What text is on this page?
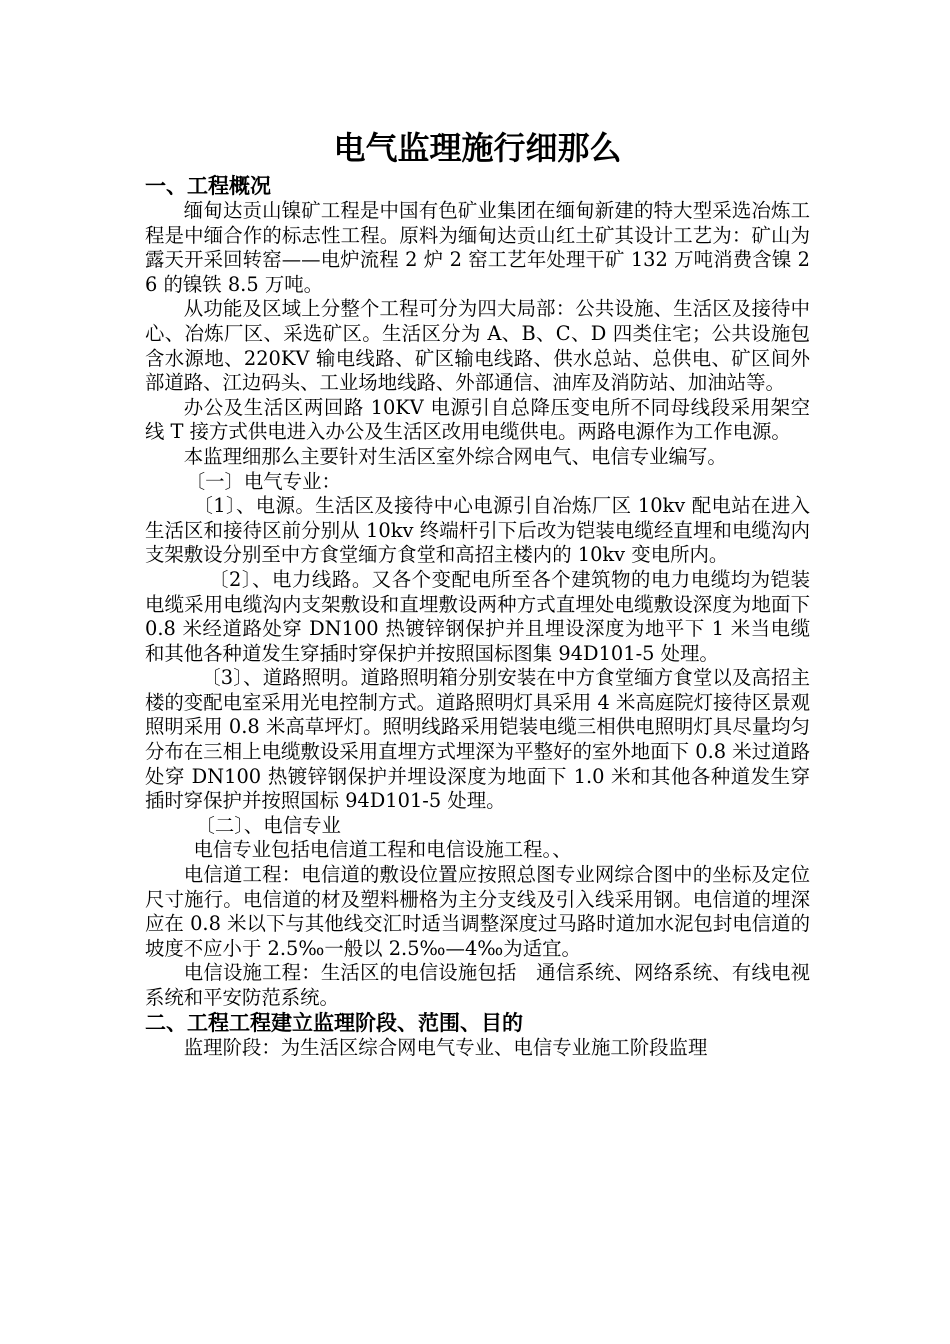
电气监理施行细那么
一、工程概况
缅甸达贡山镍矿工程是中国有色矿业集团在缅甸新建的特大型采选冶炼工程是中缅合作的标志性工程。原料为缅甸达贡山红土矿其设计工艺为：矿山为露天开采回转窑——电炉流程 2 炉 2 窑工艺年处理干矿 132 万吨消费含镍 26 的镍铁 8.5 万吨。
从功能及区域上分整个工程可分为四大局部：公共设施、生活区及接待中心、冶炼厂区、采选矿区。生活区分为 A、B、C、D 四类住宅；公共设施包含水源地、220KV 输电线路、矿区输电线路、供水总站、总供电、矿区间外部道路、江边码头、工业场地线路、外部通信、油库及消防站、加油站等。
办公及生活区两回路 10KV 电源引自总降压变电所不同母线段采用架空线 T 接方式供电进入办公及生活区改用电缆供电。两路电源作为工作电源。
本监理细那么主要针对生活区室外综合网电气、电信专业编写。
〔一〕电气专业：
〔1〕、电源。生活区及接待中心电源引自冶炼厂区 10kv 配电站在进入生活区和接待区前分别从 10kv 终端杆引下后改为铠装电缆经直埋和电缆沟内支架敷设分别至中方食堂缅方食堂和高招主楼内的 10kv 变电所内。
〔2〕、电力线路。又各个变配电所至各个建筑物的电力电缆均为铠装电缆采用电缆沟内支架敷设和直埋敷设两种方式直埋处电缆敷设深度为地面下 0.8 米经道路处穿 DN100 热镀锌钢保护并且埋设深度为地平下 1 米当电缆和其他各种道发生穿插时穿保护并按照国标图集 94D101-5 处理。
〔3〕、道路照明。道路照明箱分别安装在中方食堂缅方食堂以及高招主楼的变配电室采用光电控制方式。道路照明灯具采用 4 米高庭院灯接待区景观照明采用 0.8 米高草坪灯。照明线路采用铠装电缆三相供电照明灯具尽量均匀分布在三相上电缆敷设采用直埋方式埋深为平整好的室外地面下 0.8 米过道路处穿 DN100 热镀锌钢保护并埋设深度为地面下 1.0 米和其他各种道发生穿插时穿保护并按照国标 94D101-5 处理。
〔二〕、电信专业
电信专业包括电信道工程和电信设施工程。、
电信道工程：电信道的敷设位置应按照总图专业网综合图中的坐标及定位尺寸施行。电信道的材及塑料栅格为主分支线及引入线采用钢。电信道的埋深应在 0.8 米以下与其他线交汇时适当调整深度过马路时道加水泥包封电信道的坡度不应小于 2.5‰一般以 2.5‰—4‰为适宜。
电信设施工程：生活区的电信设施包括　通信系统、网络系统、有线电视系统和平安防范系统。
二、工程工程建立监理阶段、范围、目的
监理阶段：为生活区综合网电气专业、电信专业施工阶段监理
